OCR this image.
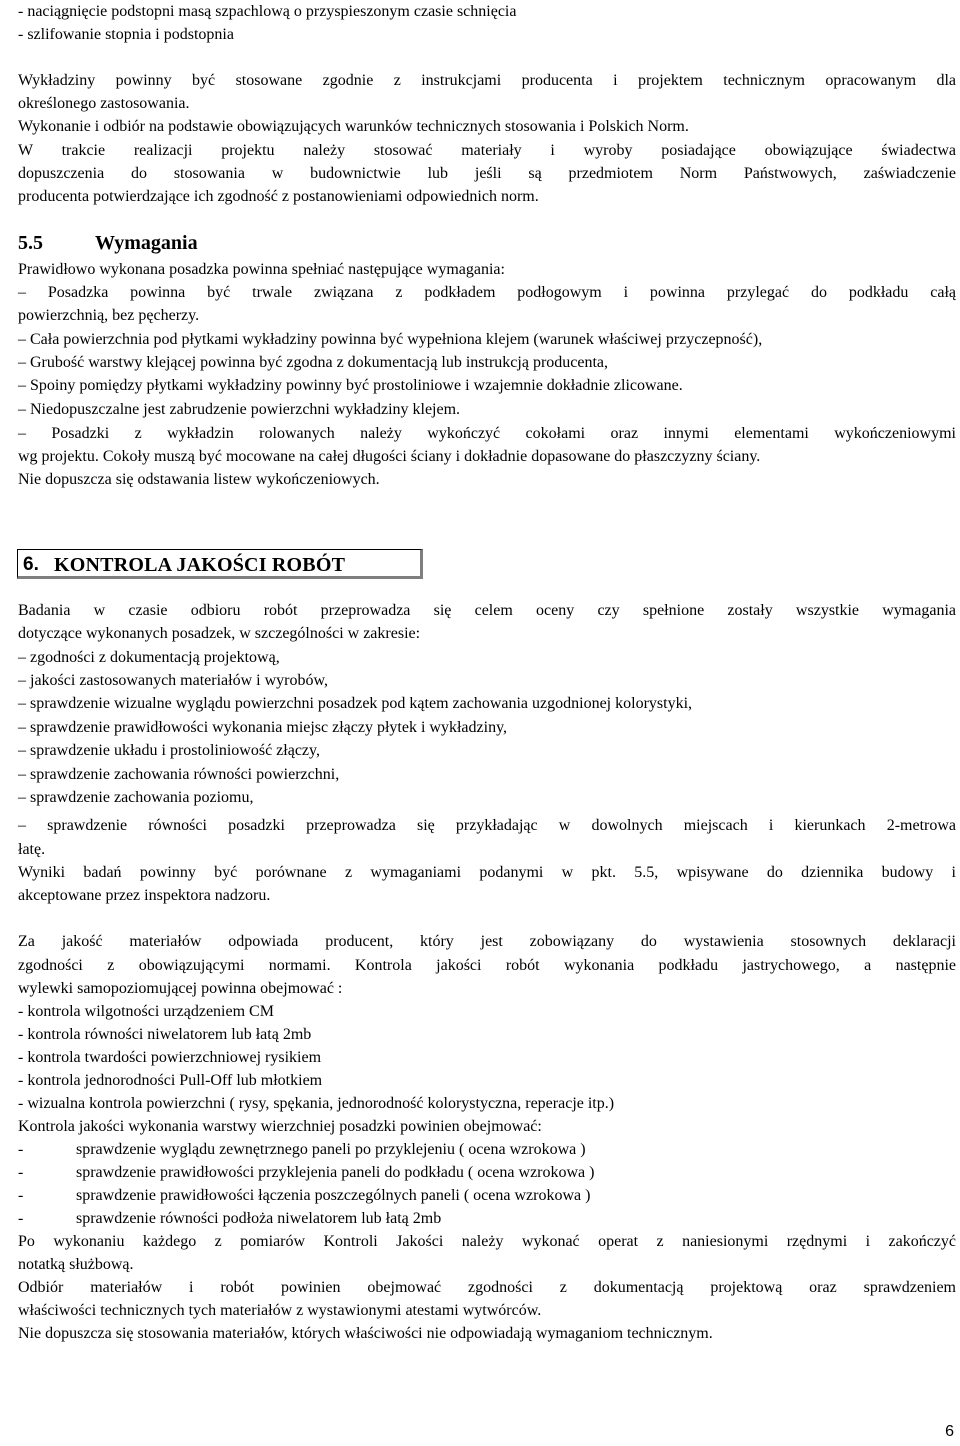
- naciągnięcie podstopni masą szpachlową o przyspieszonym czasie schnięcia
- szlifowanie stopnia i podstopnia
Wykładziny powinny być stosowane zgodnie z instrukcjami producenta i projektem technicznym opracowanym dla
określonego zastosowania.
Wykonanie i odbiór na podstawie obowiązujących warunków technicznych stosowania i Polskich Norm.
W trakcie realizacji projektu należy stosować materiały i wyroby posiadające obowiązujące świadectwa
dopuszczenia do stosowania w budownictwie lub jeśli są przedmiotem Norm Państwowych, zaświadczenie
producenta potwierdzające ich zgodność z postanowieniami odpowiednich norm.
5.5	Wymagania
Prawidłowo wykonana posadzka powinna spełniać następujące wymagania:
– Posadzka powinna być trwale związana z podkładem podłogowym i powinna przylegać do podkładu całą
powierzchnią, bez pęcherzy.
– Cała powierzchnia pod płytkami wykładziny powinna być wypełniona klejem (warunek właściwej przyczepność),
– Grubość warstwy klejącej powinna być zgodna z dokumentacją lub instrukcją producenta,
– Spoiny pomiędzy płytkami wykładziny powinny być prostoliniowe i wzajemnie dokładnie zlicowane.
– Niedopuszczalne jest zabrudzenie powierzchni wykładziny klejem.
– Posadzki z wykładzin rolowanych należy wykończyć cokołami oraz innymi elementami wykończeniowymi
wg projektu. Cokoły muszą być mocowane na całej długości ściany i dokładnie dopasowane do płaszczyzny ściany.
Nie dopuszcza się odstawania listew wykończeniowych.
6. KONTROLA JAKOŚCI ROBÓT
Badania w czasie odbioru robót przeprowadza się celem oceny czy spełnione zostały wszystkie wymagania
dotyczące wykonanych posadzek, w szczególności w zakresie:
– zgodności z dokumentacją projektową,
– jakości zastosowanych materiałów i wyrobów,
– sprawdzenie wizualne wyglądu powierzchni posadzek pod kątem zachowania uzgodnionej kolorystyki,
– sprawdzenie prawidłowości wykonania miejsc złączy płytek i wykładziny,
– sprawdzenie układu i prostoliniowość złączy,
– sprawdzenie zachowania równości powierzchni,
– sprawdzenie zachowania poziomu,
– sprawdzenie równości posadzki przeprowadza się przykładając w dowolnych miejscach i kierunkach 2-metrowa
łatę.
Wyniki badań powinny być porównane z wymaganiami podanymi w pkt. 5.5, wpisywane do dziennika budowy i
akceptowane przez inspektora nadzoru.
Za jakość materiałów odpowiada producent, który jest zobowiązany do wystawienia stosownych deklaracji
zgodności z obowiązującymi normami. Kontrola jakości robót wykonania podkładu jastrychowego, a następnie
wylewki samopoziomującej powinna obejmować :
- kontrola wilgotności urządzeniem CM
- kontrola równości niwelatorem lub łatą 2mb
- kontrola twardości powierzchniowej rysikiem
- kontrola jednorodności Pull-Off lub młotkiem
- wizualna kontrola powierzchni ( rysy, spękania, jednorodność kolorystyczna, reperacje itp.)
Kontrola jakości wykonania warstwy wierzchniej posadzki powinien obejmować:
-	sprawdzenie wyglądu zewnętrznego paneli po przyklejeniu ( ocena wzrokowa )
-	sprawdzenie prawidłowości przyklejenia paneli do podkładu ( ocena wzrokowa )
-	sprawdzenie prawidłowości łączenia poszczególnych paneli ( ocena wzrokowa )
-	sprawdzenie równości podłoża niwelatorem lub łatą 2mb
Po wykonaniu każdego z pomiarów Kontroli Jakości należy wykonać operat z naniesionymi rzędnymi i zakończyć
notatką służbową.
Odbiór materiałów i robót powinien obejmować zgodności z dokumentacją projektową oraz sprawdzeniem
właściwości technicznych tych materiałów z wystawionymi atestami wytwórców.
Nie dopuszcza się stosowania materiałów, których właściwości nie odpowiadają wymaganiom technicznym.
6
